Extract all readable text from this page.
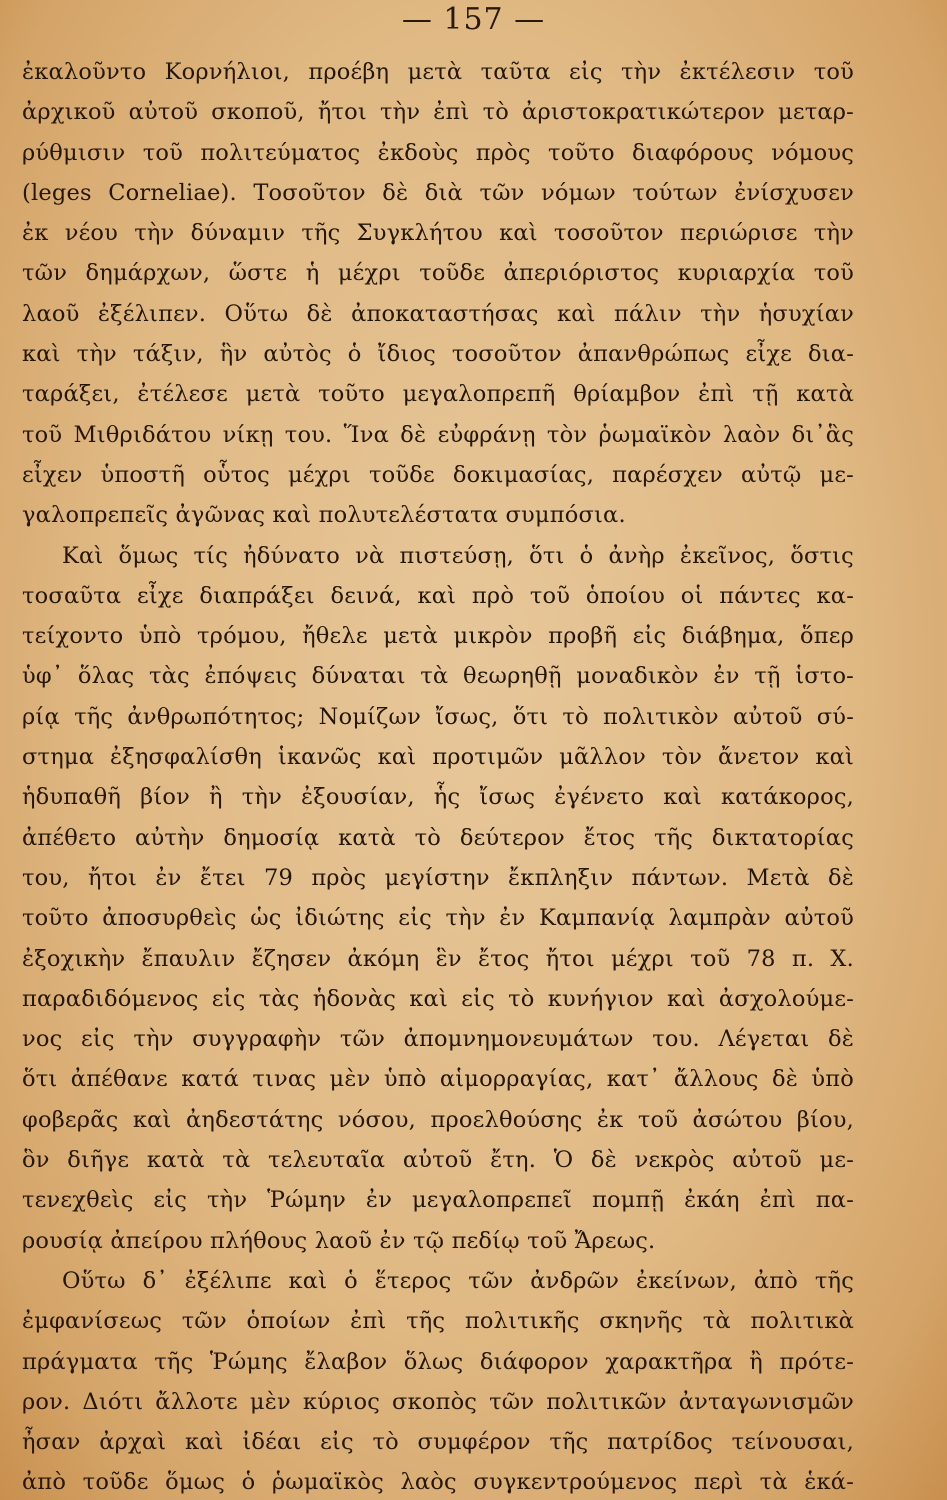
— 157 —
ἐκαλοῦντο Κορνήλιοι, προέβη μετὰ ταῦτα εἰς τὴν ἐκτέλεσιν τοῦ
ἀρχικοῦ αὐτοῦ σκοποῦ, ἤτοι τὴν ἐπὶ τὸ ἀριστοκρατικώτερον μεταρ-
ρύθμισιν τοῦ πολιτεύματος ἐκδοὺς πρὸς τοῦτο διαφόρους νόμους
(leges Corneliae). Τοσοῦτον δὲ διὰ τῶν νόμων τούτων ἐνίσχυσεν
ἐκ νέου τὴν δύναμιν τῆς Συγκλήτου καὶ τοσοῦτον περιώρισε τὴν
τῶν δημάρχων, ὥστε ἡ μέχρι τοῦδε ἀπεριόριστος κυριαρχία τοῦ
λαοῦ ἐξέλιπεν. Οὕτω δὲ ἀποκαταστήσας καὶ πάλιν τὴν ἡσυχίαν
καὶ τὴν τάξιν, ἣν αὐτὸς ὁ ἴδιος τοσοῦτον ἀπανθρώπως εἶχε δια-
ταράξει, ἐτέλεσε μετὰ τοῦτο μεγαλοπρεπῆ θρίαμβον ἐπὶ τῇ κατὰ
τοῦ Μιθριδάτου νίκῃ του. Ἵνα δὲ εὐφράνῃ τὸν ῥωμαϊκὸν λαὸν δι᾽ἃς
εἶχεν ὑποστῆ οὗτος μέχρι τοῦδε δοκιμασίας, παρέσχεν αὐτῷ με-
γαλοπρεπεῖς ἀγῶνας καὶ πολυτελέστατα συμπόσια.
Καὶ ὅμως τίς ἠδύνατο νὰ πιστεύσῃ, ὅτι ὁ ἀνὴρ ἐκεῖνος, ὅστις
τοσαῦτα εἶχε διαπράξει δεινά, καὶ πρὸ τοῦ ὁποίου οἱ πάντες κα-
τείχοντο ὑπὸ τρόμου, ἤθελε μετὰ μικρὸν προβῆ εἰς διάβημα, ὅπερ
ὑφ᾽ ὅλας τὰς ἐπόψεις δύναται τὰ θεωρηθῇ μοναδικὸν ἐν τῇ ἱστο-
ρίᾳ τῆς ἀνθρωπότητος; Νομίζων ἴσως, ὅτι τὸ πολιτικὸν αὐτοῦ σύ-
στημα ἐξησφαλίσθη ἱκανῶς καὶ προτιμῶν μᾶλλον τὸν ἄνετον καὶ
ἡδυπαθῆ βίον ἢ τὴν ἐξουσίαν, ἧς ἴσως ἐγένετο καὶ κατάκορος,
ἀπέθετο αὐτὴν δημοσίᾳ κατὰ τὸ δεύτερον ἔτος τῆς δικτατορίας
του, ἤτοι ἐν ἔτει 79 πρὸς μεγίστην ἔκπληξιν πάντων. Μετὰ δὲ
τοῦτο ἀποσυρθεὶς ὡς ἰδιώτης εἰς τὴν ἐν Καμπανίᾳ λαμπρὰν αὐτοῦ
ἐξοχικὴν ἔπαυλιν ἔζησεν ἀκόμη ἓν ἔτος ἤτοι μέχρι τοῦ 78 π. Χ.
παραδιδόμενος εἰς τὰς ἡδονὰς καὶ εἰς τὸ κυνήγιον καὶ ἀσχολούμε-
νος εἰς τὴν συγγραφὴν τῶν ἀπομνημονευμάτων του. Λέγεται δὲ
ὅτι ἀπέθανε κατά τινας μὲν ὑπὸ αἱμορραγίας, κατ᾽ ἄλλους δὲ ὑπὸ
φοβερᾶς καὶ ἀηδεστάτης νόσου, προελθούσης ἐκ τοῦ ἀσώτου βίου,
ὃν διῆγε κατὰ τὰ τελευταῖα αὐτοῦ ἔτη. Ὁ δὲ νεκρὸς αὐτοῦ με-
τενεχθεὶς εἰς τὴν Ῥώμην ἐν μεγαλοπρεπεῖ πομπῇ ἐκάη ἐπὶ πα-
ρουσίᾳ ἀπείρου πλήθους λαοῦ ἐν τῷ πεδίῳ τοῦ Ἄρεως.
Οὕτω δ᾽ ἐξέλιπε καὶ ὁ ἕτερος τῶν ἀνδρῶν ἐκείνων, ἀπὸ τῆς
ἐμφανίσεως τῶν ὁποίων ἐπὶ τῆς πολιτικῆς σκηνῆς τὰ πολιτικὰ
πράγματα τῆς Ῥώμης ἔλαβον ὅλως διάφορον χαρακτῆρα ἢ πρότε-
ρον. Διότι ἄλλοτε μὲν κύριος σκοπὸς τῶν πολιτικῶν ἀνταγωνισμῶν
ἦσαν ἀρχαὶ καὶ ἰδέαι εἰς τὸ συμφέρον τῆς πατρίδος τείνουσαι,
ἀπὸ τοῦδε ὅμως ὁ ῥωμαϊκὸς λαὸς συγκεντρούμενος περὶ τὰ ἑκά-
